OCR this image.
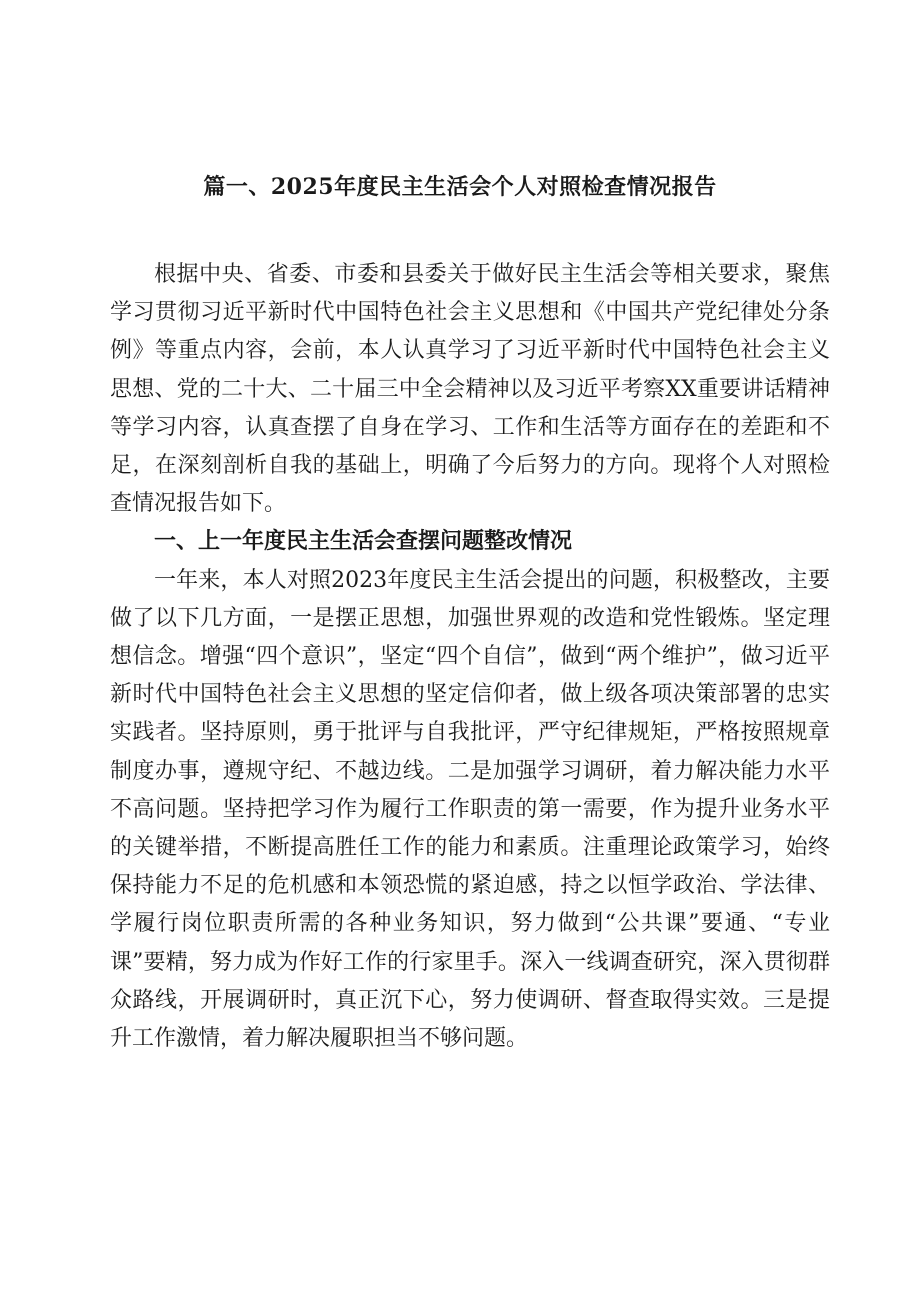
篇一、2025年度民主生活会个人对照检查情况报告

根据中央、省委、市委和县委关于做好民主生活会等相关要求，聚焦学习贯彻习近平新时代中国特色社会主义思想和《中国共产党纪律处分条例》等重点内容，会前，本人认真学习了习近平新时代中国特色社会主义思想、党的二十大、二十届三中全会精神以及习近平考察XX重要讲话精神等学习内容，认真查摆了自身在学习、工作和生活等方面存在的差距和不足，在深刻剖析自我的基础上，明确了今后努力的方向。现将个人对照检查情况报告如下。

一、上一年度民主生活会查摆问题整改情况

一年来，本人对照2023年度民主生活会提出的问题，积极整改，主要做了以下几方面，一是摆正思想，加强世界观的改造和党性锻炼。坚定理想信念。增强“四个意识”，坚定“四个自信”，做到“两个维护”，做习近平新时代中国特色社会主义思想的坚定信仰者，做上级各项决策部署的忠实实践者。坚持原则，勇于批评与自我批评，严守纪律规矩，严格按照规章制度办事，遵规守纪、不越边线。二是加强学习调研，着力解决能力水平不高问题。坚持把学习作为履行工作职责的第一需要，作为提升业务水平的关键举措，不断提高胜任工作的能力和素质。注重理论政策学习，始终保持能力不足的危机感和本领恐慌的紧迫感，持之以恒学政治、学法律、学履行岗位职责所需的各种业务知识，努力做到“公共课”要通、“专业课”要精，努力成为作好工作的行家里手。深入一线调查研究，深入贯彻群众路线，开展调研时，真正沉下心，努力使调研、督查取得实效。三是提升工作激情，着力解决履职担当不够问题。
